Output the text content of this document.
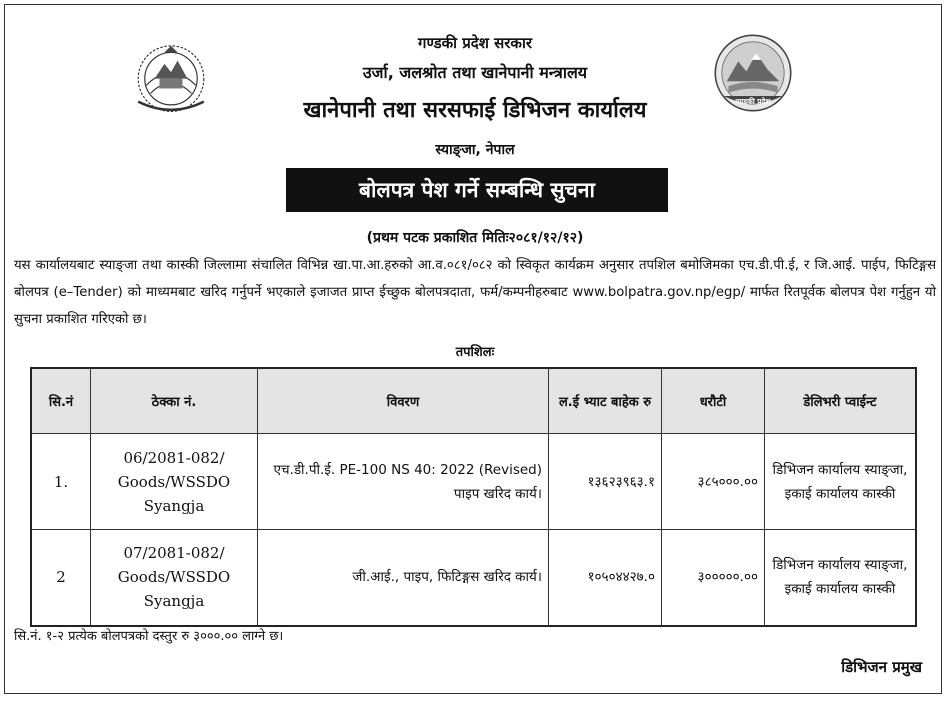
गण्डकी प्रदेश
गण्डकी प्रदेश सरकार
उर्जा, जलश्रोत तथा खानेपानी मन्त्रालय
खानेपानी तथा सरसफाई डिभिजन कार्यालय
स्याङ्जा, नेपाल
बोलपत्र पेश गर्ने सम्बन्धि सुचना
(प्रथम पटक प्रकाशित मितिः२०८१/१२/१२)
यस कार्यालयबाट स्याङ्जा तथा कास्की जिल्लामा संचालित विभिन्न खा.पा.आ.हरुको आ.व.०८१/०८२ को स्विकृत कार्यक्रम अनुसार तपशिल बमोजिमका एच.डी.पी.ई, र जि.आई. पाईप, फिटिङ्गस बोलपत्र (e–Tender) को माध्यमबाट खरिद गर्नुपर्ने भएकाले इजाजत प्राप्त ईच्छुक बोलपत्रदाता, फर्म/कम्पनीहरुबाट www.bolpatra.gov.np/egp/ मार्फत रितपूर्वक बोलपत्र पेश गर्नुहुन यो सुचना प्रकाशित गरिएको छ।
तपशिलः
सि.नं	ठेक्का नं.	विवरण	ल.ई भ्याट बाहेक रु	धरौटी	डेलिभरी प्वाईन्ट
1.	06/2081-082/ Goods/WSSDO Syangja	एच.डी.पी.ई. PE-100 NS 40: 2022 (Revised) पाइप खरिद कार्य।	१३६२३९६३.१	३८५०००.००	डिभिजन कार्यालय स्याङ्जा, इकाई कार्यालय कास्की
2	07/2081-082/ Goods/WSSDO Syangja	जी.आई., पाइप, फिटिङ्गस खरिद कार्य।	१०५०४४२७.०	३०००००.००	डिभिजन कार्यालय स्याङ्जा, इकाई कार्यालय कास्की
सि.नं. १-२ प्रत्येक बोलपत्रको दस्तुर रु ३०००.०० लाग्ने छ।
डिभिजन प्रमुख
